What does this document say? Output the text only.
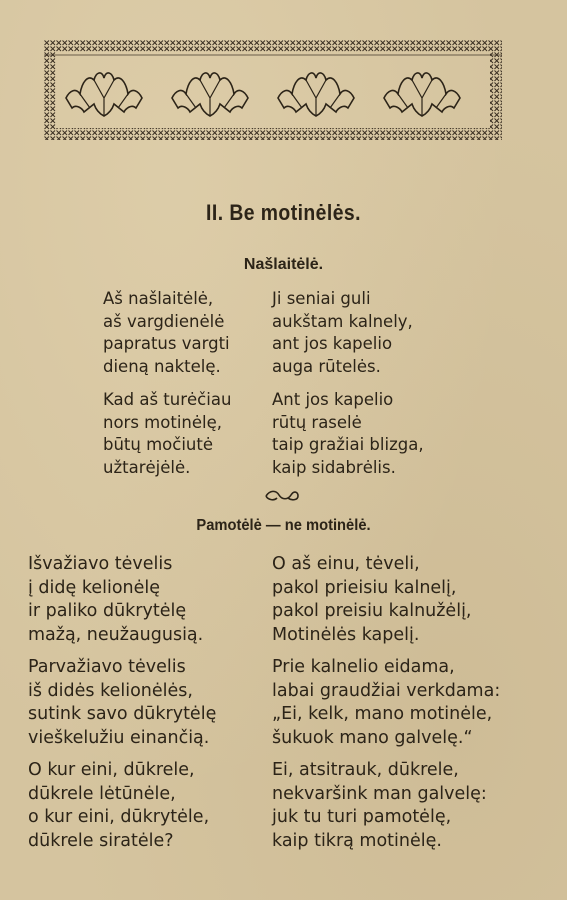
II. Be motinėlės.
Našlaitėlė.
Aš našlaitėlė,
aš vargdienėlė
papratus vargti
dieną naktelę.
Kad aš turėčiau
nors motinėlę,
būtų močiutė
užtarėjėlė.
Ji seniai guli
aukštam kalnely,
ant jos kapelio
auga rūtelės.
Ant jos kapelio
rūtų raselė
taip gražiai blizga,
kaip sidabrėlis.
Pamotėlė — ne motinėlė.
Išvažiavo tėvelis
į didę kelionėlę
ir paliko dūkrytėlę
mažą, neužaugusią.
Parvažiavo tėvelis
iš didės kelionėlės,
sutink savo dūkrytėlę
vieškelužiu einančią.
O kur eini, dūkrele,
dūkrele lėtūnėle,
o kur eini, dūkrytėle,
dūkrele siratėle?
O aš einu, tėveli,
pakol prieisiu kalnelį,
pakol preisiu kalnužėlį,
Motinėlės kapelį.
Prie kalnelio eidama,
labai graudžiai verkdama:
„Ei, kelk, mano motinėle,
šukuok mano galvelę.“
Ei, atsitrauk, dūkrele,
nekvaršink man galvelę:
juk tu turi pamotėlę,
kaip tikrą motinėlę.
